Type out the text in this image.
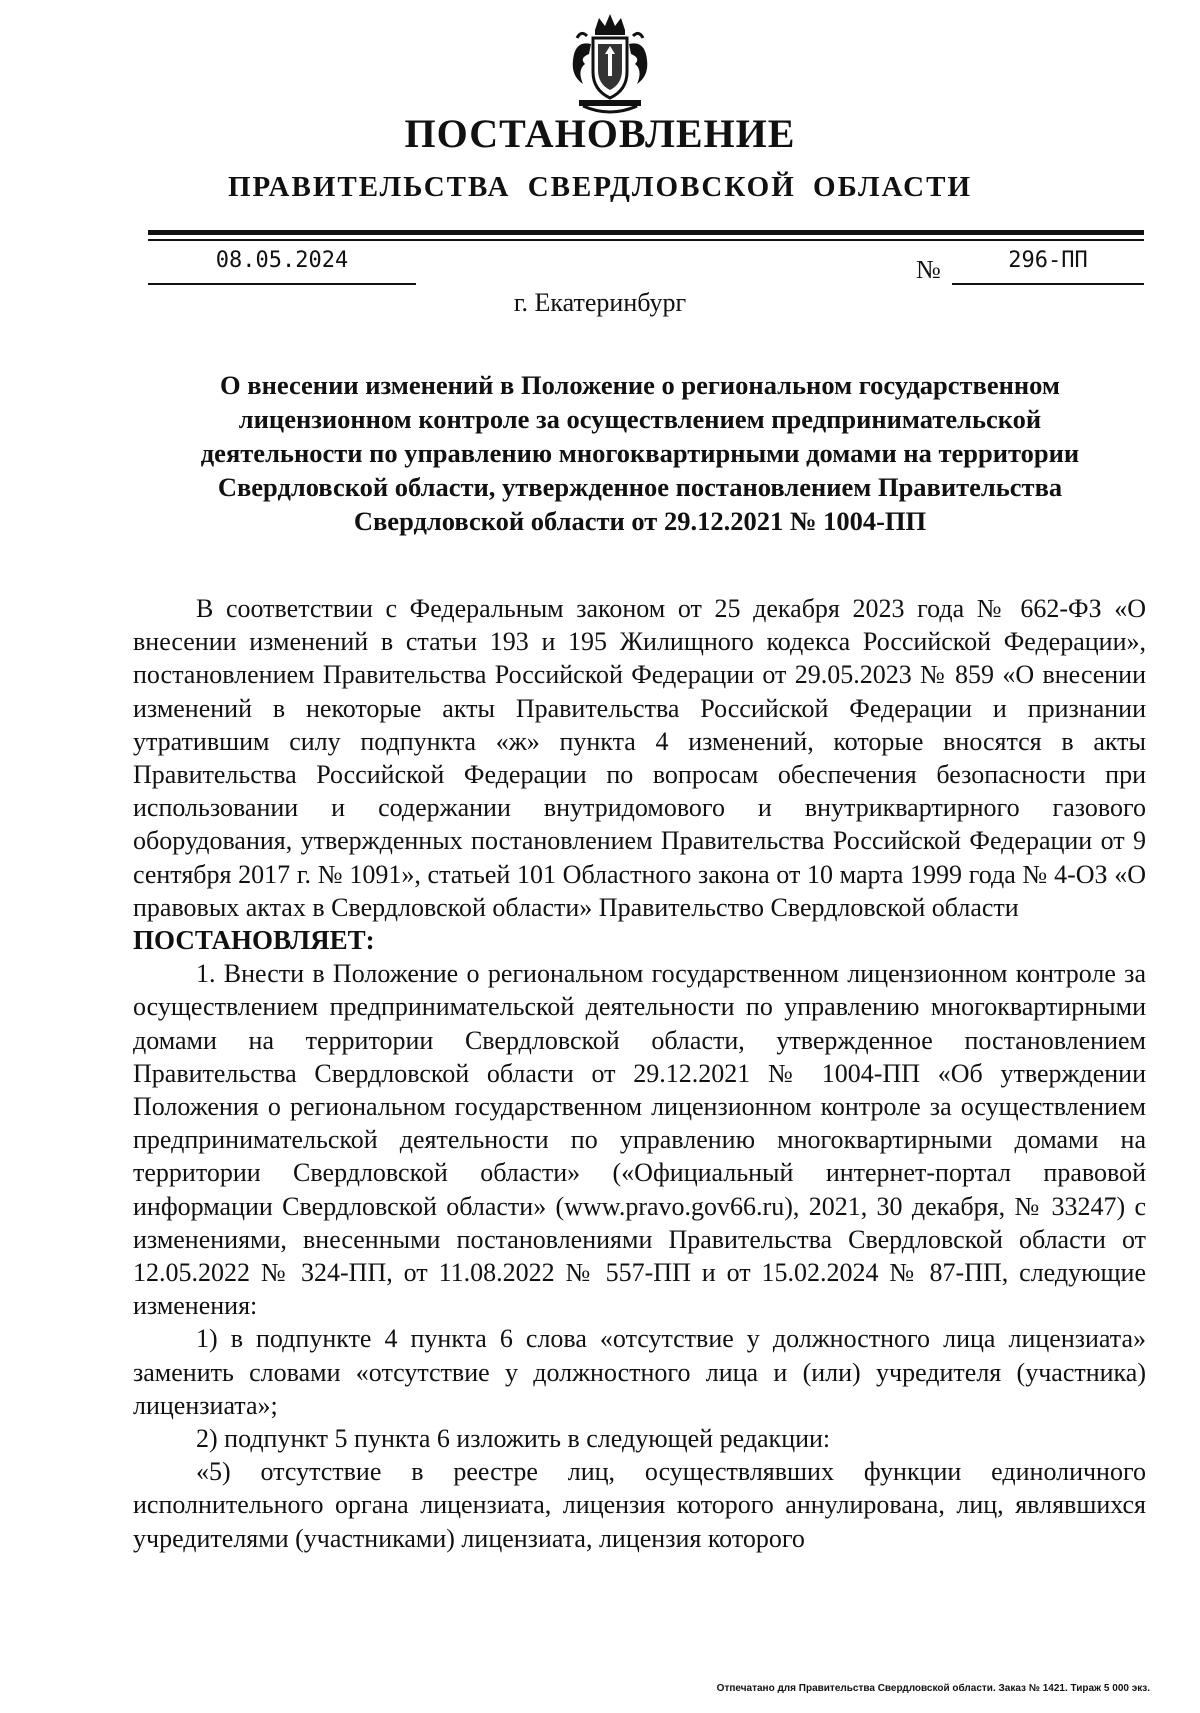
ПОСТАНОВЛЕНИЕ
ПРАВИТЕЛЬСТВА СВЕРДЛОВСКОЙ ОБЛАСТИ
08.05.2024	№	296-ПП
г. Екатеринбург
О внесении изменений в Положение о региональном государственном лицензионном контроле за осуществлением предпринимательской деятельности по управлению многоквартирными домами на территории Свердловской области, утвержденное постановлением Правительства Свердловской области от 29.12.2021 № 1004-ПП

В соответствии с Федеральным законом от 25 декабря 2023 года № 662-ФЗ «О внесении изменений в статьи 193 и 195 Жилищного кодекса Российской Федерации», постановлением Правительства Российской Федерации от 29.05.2023 № 859 «О внесении изменений в некоторые акты Правительства Российской Федерации и признании утратившим силу подпункта «ж» пункта 4 изменений, которые вносятся в акты Правительства Российской Федерации по вопросам обеспечения безопасности при использовании и содержании внутридомового и внутриквартирного газового оборудования, утвержденных постановлением Правительства Российской Федерации от 9 сентября 2017 г. № 1091», статьей 101 Областного закона от 10 марта 1999 года № 4-ОЗ «О правовых актах в Свердловской области» Правительство Свердловской области

ПОСТАНОВЛЯЕТ:

1. Внести в Положение о региональном государственном лицензионном контроле за осуществлением предпринимательской деятельности по управлению многоквартирными домами на территории Свердловской области, утвержденное постановлением Правительства Свердловской области от 29.12.2021 № 1004-ПП «Об утверждении Положения о региональном государственном лицензионном контроле за осуществлением предпринимательской деятельности по управлению многоквартирными домами на территории Свердловской области» («Официальный интернет-портал правовой информации Свердловской области» (www.pravo.gov66.ru), 2021, 30 декабря, № 33247) с изменениями, внесенными постановлениями Правительства Свердловской области от 12.05.2022 № 324-ПП, от 11.08.2022 № 557-ПП и от 15.02.2024 № 87-ПП, следующие изменения:

1) в подпункте 4 пункта 6 слова «отсутствие у должностного лица лицензиата» заменить словами «отсутствие у должностного лица и (или) учредителя (участника) лицензиата»;

2) подпункт 5 пункта 6 изложить в следующей редакции:

«5) отсутствие в реестре лиц, осуществлявших функции единоличного исполнительного органа лицензиата, лицензия которого аннулирована, лиц, являвшихся учредителями (участниками) лицензиата, лицензия которого

Отпечатано для Правительства Свердловской области. Заказ № 1421. Тираж 5 000 экз.
